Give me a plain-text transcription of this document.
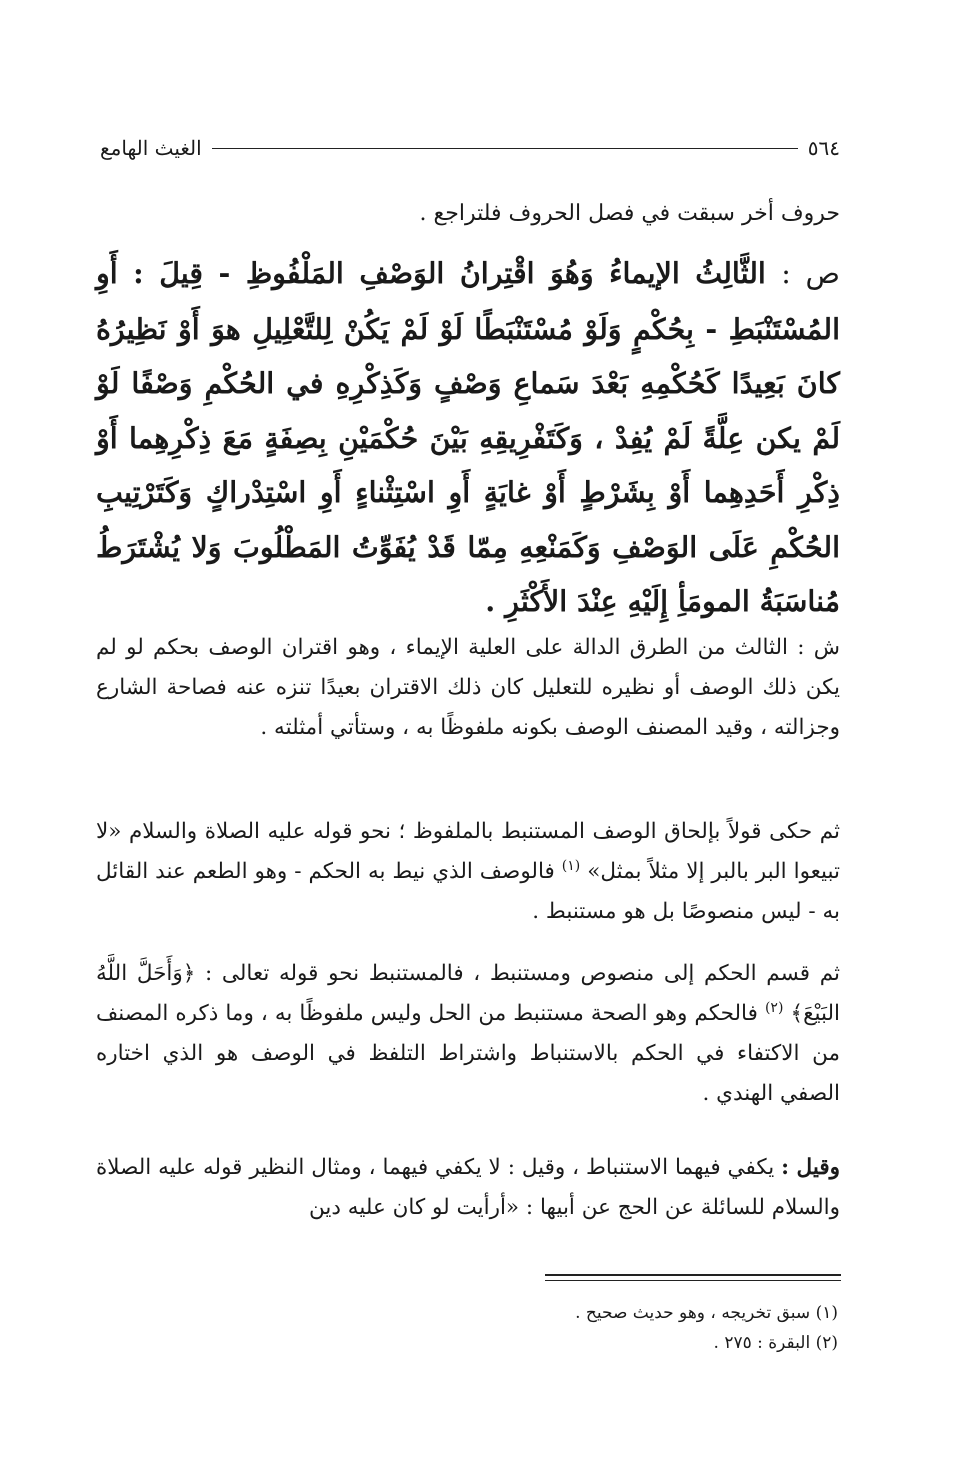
٥٦٤
الغيث الهامع

حروف أخر سبقت في فصل الحروف فلتراجع .

ص : الثَّالِثُ الإيماءُ وَهُوَ اقْتِرانُ الوَصْفِ المَلْفُوظِ - قِيلَ : أَوِ المُسْتَنْبَطِ - بِحُكْمٍ وَلَوْ مُسْتَنْبَطًا لَوْ لَمْ يَكُنْ لِلتَّعْلِيلِ هوَ أَوْ نَظِيرُهُ كانَ بَعِيدًا كَحُكْمِهِ بَعْدَ سَماعِ وَصْفٍ وَكَذِكْرِهِ في الحُكْمِ وَصْفًا لَوْ لَمْ يكن عِلَّةً لَمْ يُفِدْ ، وَكَتَفْرِيقِهِ بَيْنَ حُكْمَيْنِ بِصِفَةٍ مَعَ ذِكْرِهِما أَوْ ذِكْرِ أَحَدِهِما أَوْ بِشَرْطٍ أَوْ غايَةٍ أَوِ اسْتِثْناءٍ أَوِ اسْتِدْراكٍ وَكَتَرْتِيبِ الحُكْمِ عَلَى الوَصْفِ وَكَمَنْعِهِ مِمّا قَدْ يُفَوِّتُ المَطْلُوبَ وَلا يُشْتَرَطُ مُناسَبَةُ المومَأِ إِلَيْهِ عِنْدَ الأَكْثَرِ .

ش : الثالث من الطرق الدالة على العلية الإيماء ، وهو اقتران الوصف بحكم لو لم يكن ذلك الوصف أو نظيره للتعليل كان ذلك الاقتران بعيدًا تنزه عنه فصاحة الشارع وجزالته ، وقيد المصنف الوصف بكونه ملفوظًا به ، وستأتي أمثلته .

ثم حكى قولاً بإلحاق الوصف المستنبط بالملفوظ ؛ نحو قوله عليه الصلاة والسلام «لا تبيعوا البر بالبر إلا مثلاً بمثل» $^{(١)}$ فالوصف الذي نيط به الحكم - وهو الطعم عند القائل به - ليس منصوصًا بل هو مستنبط .

ثم قسم الحكم إلى منصوص ومستنبط ، فالمستنبط نحو قوله تعالى : ﴿وَأَحَلَّ اللَّهُ البَيْعَ﴾ $^{(٢)}$ فالحكم وهو الصحة مستنبط من الحل وليس ملفوظًا به ، وما ذكره المصنف من الاكتفاء في الحكم بالاستنباط واشتراط التلفظ في الوصف هو الذي اختاره الصفي الهندي .

وقيل : يكفي فيهما الاستنباط ، وقيل : لا يكفي فيهما ، ومثال النظير قوله عليه الصلاة والسلام للسائلة عن الحج عن أبيها : «أرأيت لو كان عليه دين

(١) سبق تخريجه ، وهو حديث صحيح .

(٢) البقرة : ٢٧٥ .
